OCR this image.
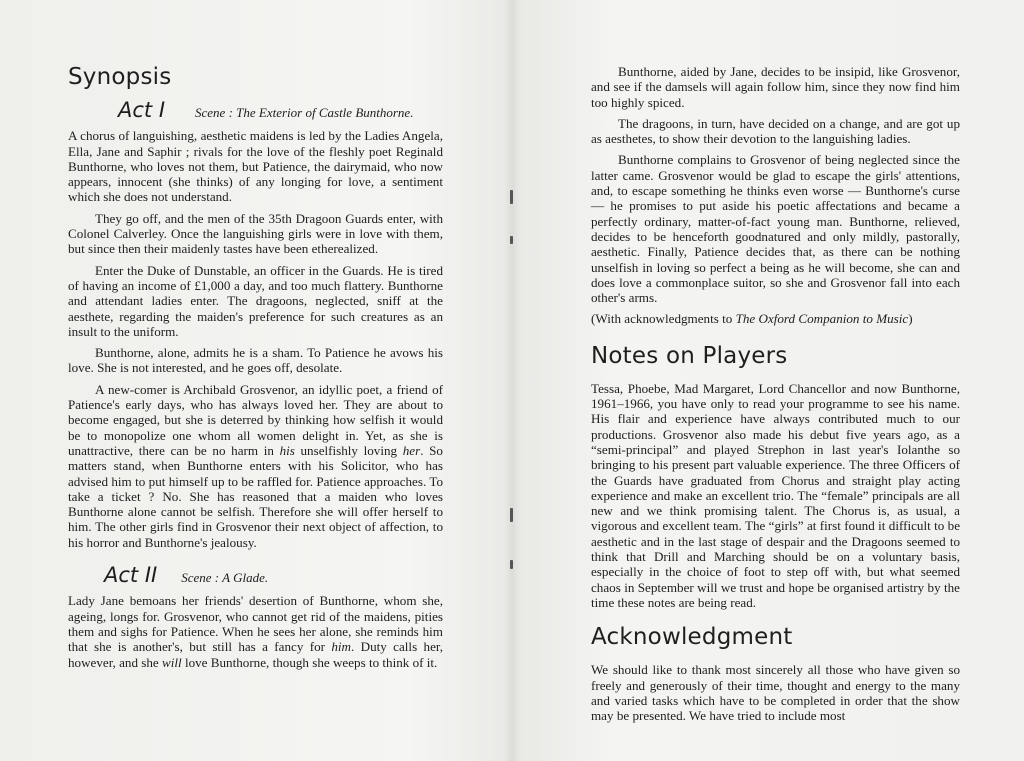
Synopsis
Act I Scene : The Exterior of Castle Bunthorne.

A chorus of languishing, aesthetic maidens is led by the Ladies Angela, Ella, Jane and Saphir ; rivals for the love of the fleshly poet Reginald Bunthorne, who loves not them, but Patience, the dairymaid, who now appears, innocent (she thinks) of any longing for love, a sentiment which she does not understand.

They go off, and the men of the 35th Dragoon Guards enter, with Colonel Calverley. Once the languishing girls were in love with them, but since then their maidenly tastes have been etherealized.

Enter the Duke of Dunstable, an officer in the Guards. He is tired of having an income of £1,000 a day, and too much flattery. Bunthorne and attendant ladies enter. The dragoons, neglected, sniff at the aesthete, regarding the maiden's preference for such creatures as an insult to the uniform.

Bunthorne, alone, admits he is a sham. To Patience he avows his love. She is not interested, and he goes off, desolate.

A new-comer is Archibald Grosvenor, an idyllic poet, a friend of Patience's early days, who has always loved her. They are about to become engaged, but she is deterred by thinking how selfish it would be to monopolize one whom all women delight in. Yet, as she is unattractive, there can be no harm in his unselfishly loving her. So matters stand, when Bunthorne enters with his Solicitor, who has advised him to put himself up to be raffled for. Patience approaches. To take a ticket ? No. She has reasoned that a maiden who loves Bunthorne alone cannot be selfish. Therefore she will offer herself to him. The other girls find in Grosvenor their next object of affection, to his horror and Bunthorne's jealousy.

Act II Scene : A Glade.

Lady Jane bemoans her friends' desertion of Bunthorne, whom she, ageing, longs for. Grosvenor, who cannot get rid of the maidens, pities them and sighs for Patience. When he sees her alone, she reminds him that she is another's, but still has a fancy for him. Duty calls her, however, and she will love Bunthorne, though she weeps to think of it.

Bunthorne, aided by Jane, decides to be insipid, like Grosvenor, and see if the damsels will again follow him, since they now find him too highly spiced.

The dragoons, in turn, have decided on a change, and are got up as aesthetes, to show their devotion to the languishing ladies.

Bunthorne complains to Grosvenor of being neglected since the latter came. Grosvenor would be glad to escape the girls' attentions, and, to escape something he thinks even worse — Bunthorne's curse — he promises to put aside his poetic affectations and became a perfectly ordinary, matter-of-fact young man. Bunthorne, relieved, decides to be henceforth goodnatured and only mildly, pastorally, aesthetic. Finally, Patience decides that, as there can be nothing unselfish in loving so perfect a being as he will become, she can and does love a commonplace suitor, so she and Grosvenor fall into each other's arms.

(With acknowledgments to The Oxford Companion to Music)

Notes on Players

Tessa, Phoebe, Mad Margaret, Lord Chancellor and now Bunthorne, 1961–1966, you have only to read your programme to see his name. His flair and experience have always contributed much to our productions. Grosvenor also made his debut five years ago, as a “semi-principal” and played Strephon in last year's Iolanthe so bringing to his present part valuable experience. The three Officers of the Guards have graduated from Chorus and straight play acting experience and make an excellent trio. The “female” principals are all new and we think promising talent. The Chorus is, as usual, a vigorous and excellent team. The “girls” at first found it difficult to be aesthetic and in the last stage of despair and the Dragoons seemed to think that Drill and Marching should be on a voluntary basis, especially in the choice of foot to step off with, but what seemed chaos in September will we trust and hope be organised artistry by the time these notes are being read.

Acknowledgment

We should like to thank most sincerely all those who have given so freely and generously of their time, thought and energy to the many and varied tasks which have to be completed in order that the show may be presented. We have tried to include most
